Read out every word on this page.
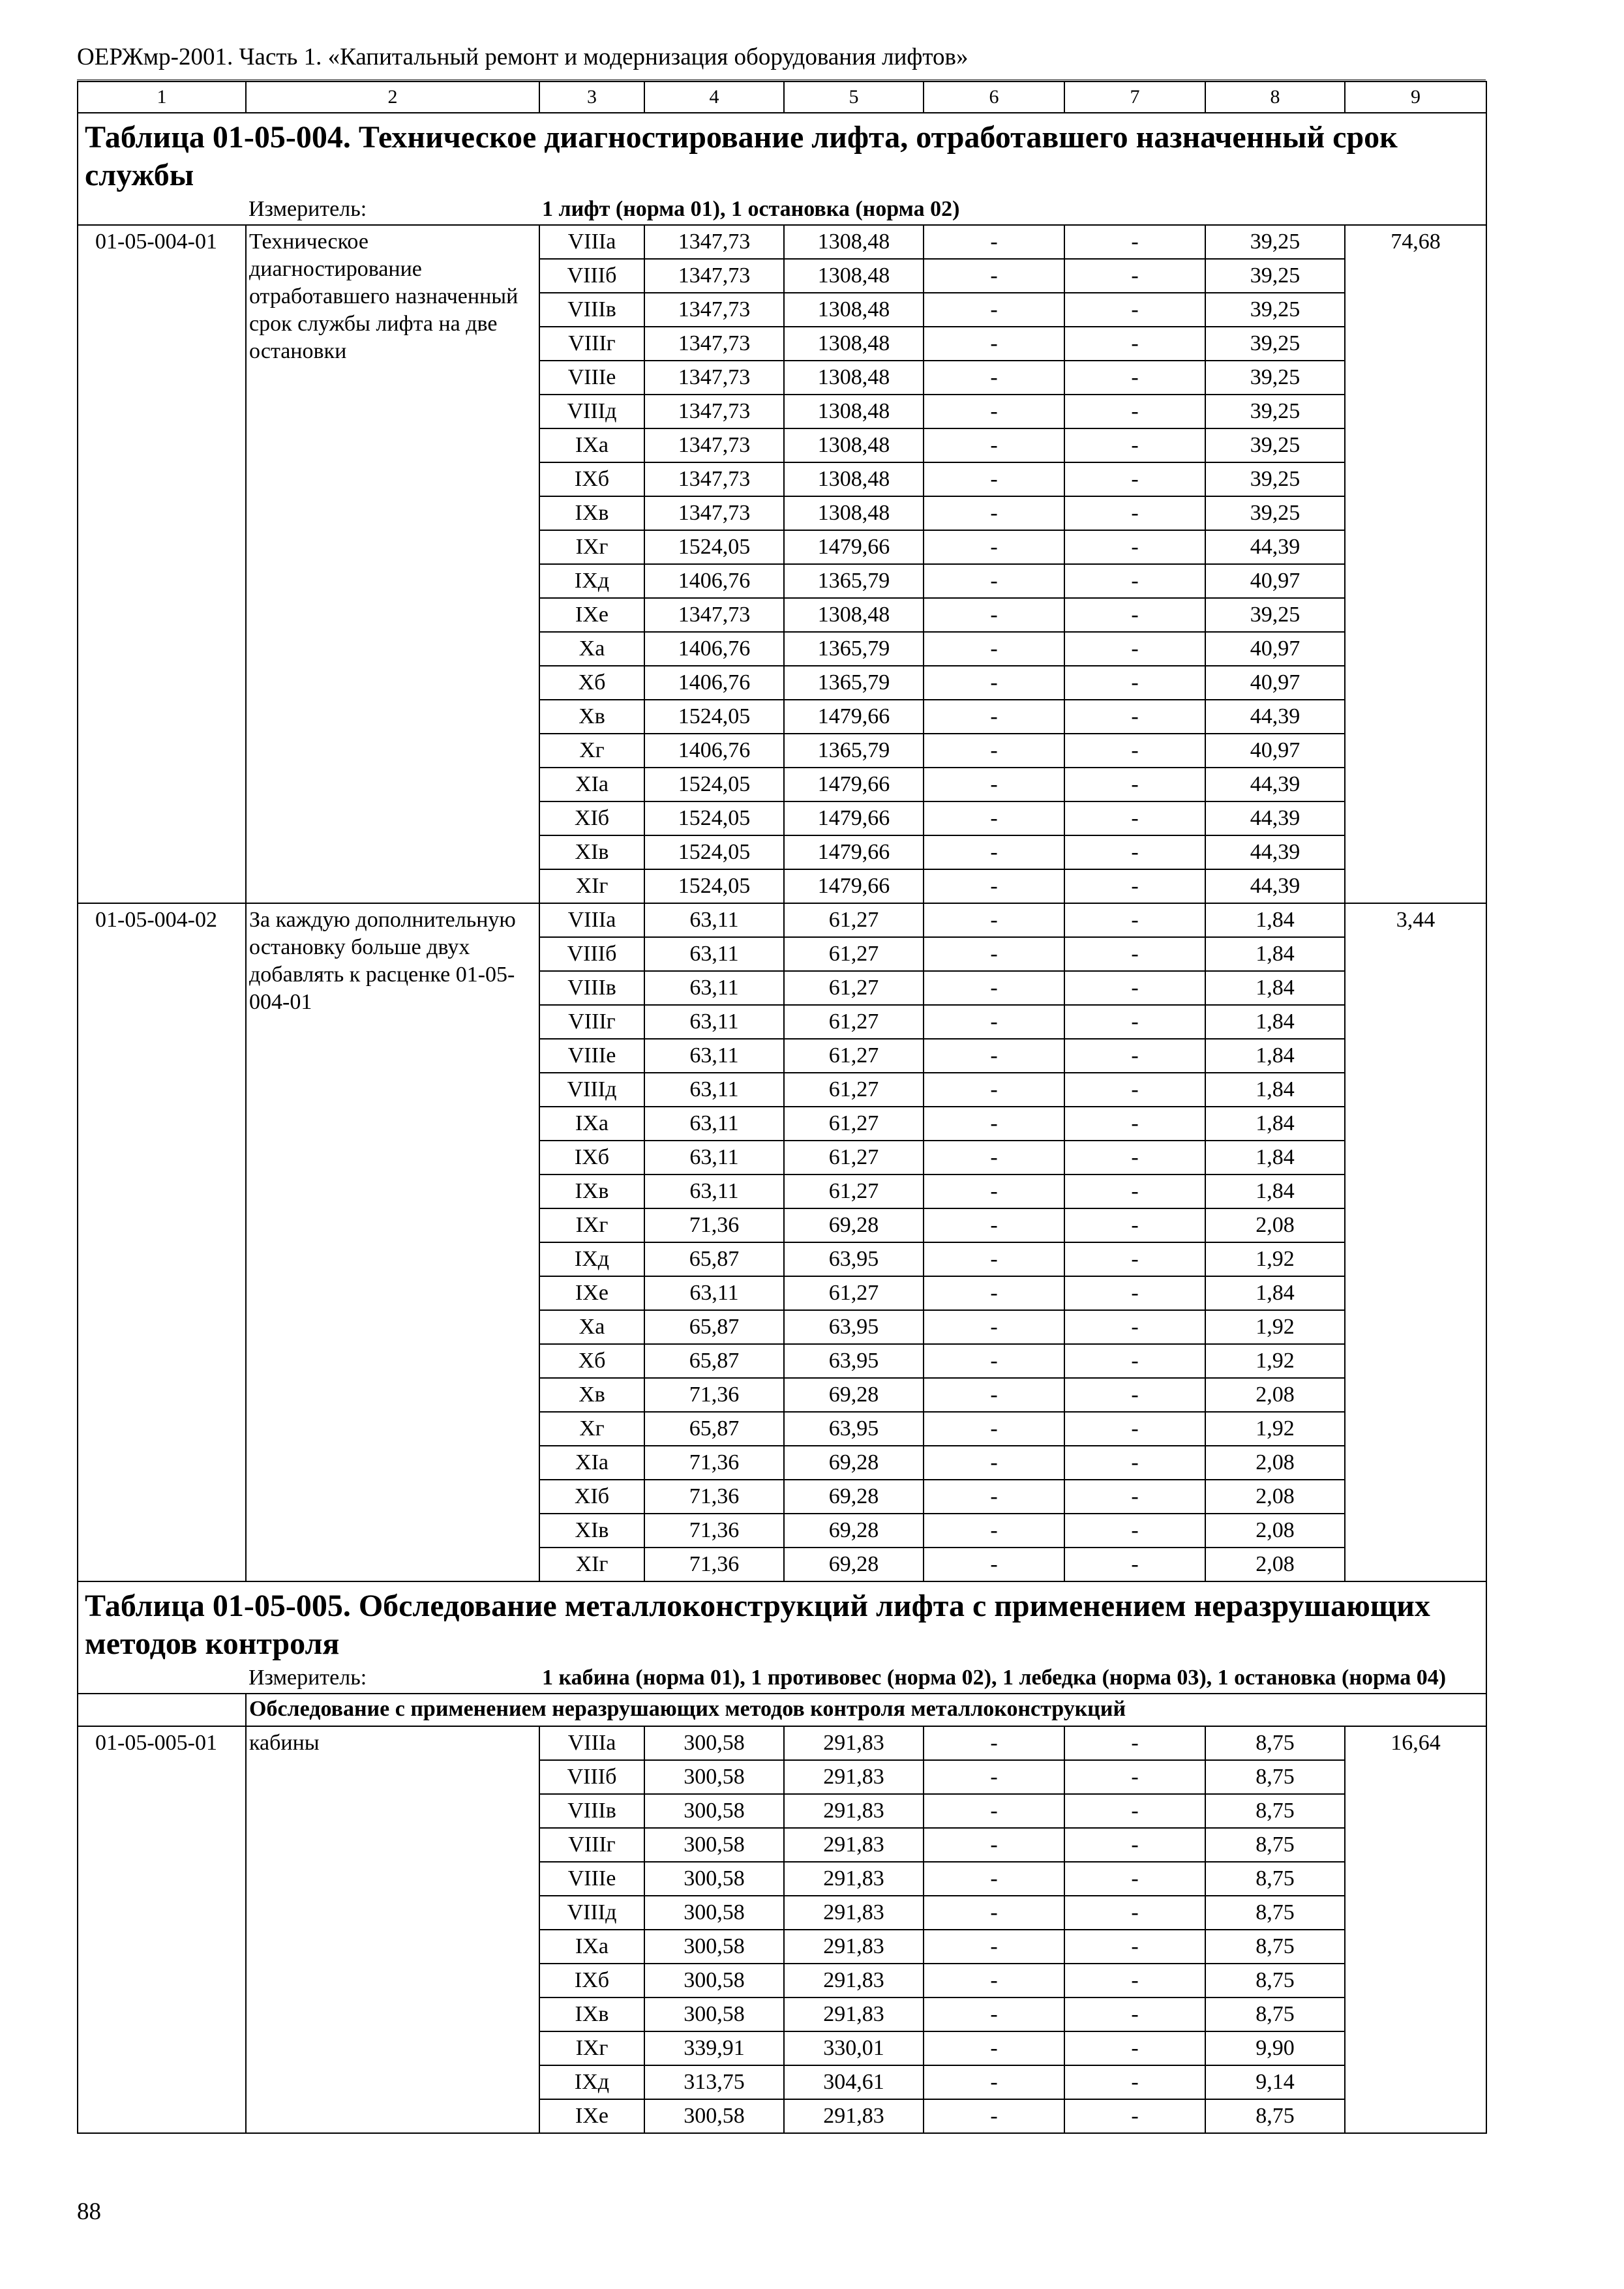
ОЕРЖмр-2001. Часть 1. «Капитальный ремонт и модернизация оборудования лифтов»
1	2	3	4	5	6	7	8	9
Таблица 01-05-004. Техническое диагностирование лифта, отработавшего назначенный срок службы								
	Измеритель:	1 лифт (норма 01), 1 остановка (норма 02)						
01-05-004-01	Техническое диагностирование отработавшего назначенный срок службы лифта на две остановки	VIIIа	1347,73	1308,48	-	-	39,25	74,68
		VIIIб	1347,73	1308,48	-	-	39,25	
		VIIIв	1347,73	1308,48	-	-	39,25	
		VIIIг	1347,73	1308,48	-	-	39,25	
		VIIIе	1347,73	1308,48	-	-	39,25	
		VIIIд	1347,73	1308,48	-	-	39,25	
		IXа	1347,73	1308,48	-	-	39,25	
		IXб	1347,73	1308,48	-	-	39,25	
		IXв	1347,73	1308,48	-	-	39,25	
		IXг	1524,05	1479,66	-	-	44,39	
		IXд	1406,76	1365,79	-	-	40,97	
		IXе	1347,73	1308,48	-	-	39,25	
		Xа	1406,76	1365,79	-	-	40,97	
		Xб	1406,76	1365,79	-	-	40,97	
		Xв	1524,05	1479,66	-	-	44,39	
		Xг	1406,76	1365,79	-	-	40,97	
		XIа	1524,05	1479,66	-	-	44,39	
		XIб	1524,05	1479,66	-	-	44,39	
		XIв	1524,05	1479,66	-	-	44,39	
		XIг	1524,05	1479,66	-	-	44,39	
01-05-004-02	За каждую дополнительную остановку больше двух добавлять к расценке 01-05-004-01	VIIIа	63,11	61,27	-	-	1,84	3,44
		VIIIб	63,11	61,27	-	-	1,84	
		VIIIв	63,11	61,27	-	-	1,84	
		VIIIг	63,11	61,27	-	-	1,84	
		VIIIе	63,11	61,27	-	-	1,84	
		VIIIд	63,11	61,27	-	-	1,84	
		IXа	63,11	61,27	-	-	1,84	
		IXб	63,11	61,27	-	-	1,84	
		IXв	63,11	61,27	-	-	1,84	
		IXг	71,36	69,28	-	-	2,08	
		IXд	65,87	63,95	-	-	1,92	
		IXе	63,11	61,27	-	-	1,84	
		Xа	65,87	63,95	-	-	1,92	
		Xб	65,87	63,95	-	-	1,92	
		Xв	71,36	69,28	-	-	2,08	
		Xг	65,87	63,95	-	-	1,92	
		XIа	71,36	69,28	-	-	2,08	
		XIб	71,36	69,28	-	-	2,08	
		XIв	71,36	69,28	-	-	2,08	
		XIг	71,36	69,28	-	-	2,08	
Таблица 01-05-005. Обследование металлоконструкций лифта с применением неразрушающих методов контроля								
	Измеритель:	1 кабина (норма 01), 1 противовес (норма 02), 1 лебедка (норма 03), 1 остановка (норма 04)						
	Обследование с применением неразрушающих методов контроля металлоконструкций							
01-05-005-01	кабины	VIIIа	300,58	291,83	-	-	8,75	16,64
		VIIIб	300,58	291,83	-	-	8,75	
		VIIIв	300,58	291,83	-	-	8,75	
		VIIIг	300,58	291,83	-	-	8,75	
		VIIIе	300,58	291,83	-	-	8,75	
		VIIIд	300,58	291,83	-	-	8,75	
		IXа	300,58	291,83	-	-	8,75	
		IXб	300,58	291,83	-	-	8,75	
		IXв	300,58	291,83	-	-	8,75	
		IXг	339,91	330,01	-	-	9,90	
		IXд	313,75	304,61	-	-	9,14	
		IXе	300,58	291,83	-	-	8,75	
88
